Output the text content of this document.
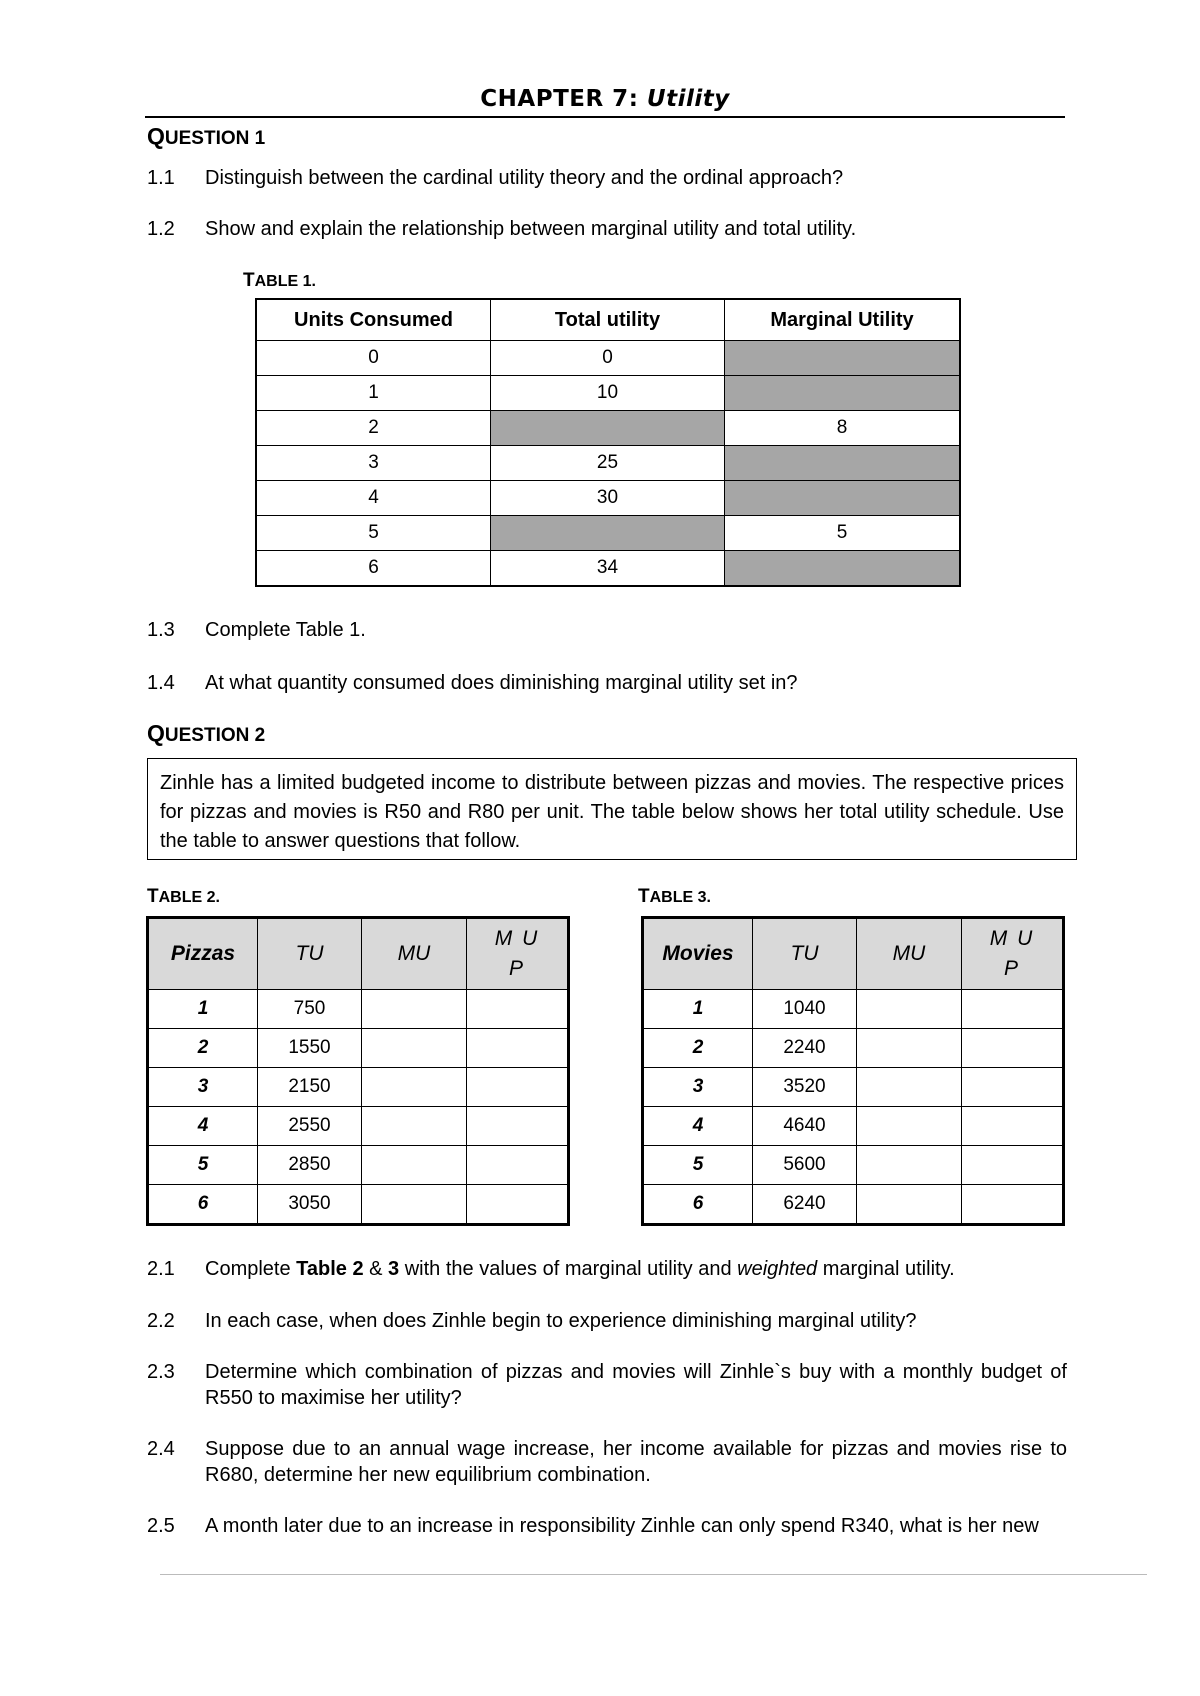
CHAPTER 7: Utility
QUESTION 1
1.1 Distinguish between the cardinal utility theory and the ordinal approach?
1.2 Show and explain the relationship between marginal utility and total utility.
TABLE 1.
Units Consumed	Total utility	Marginal Utility
0	0	
1	10	
2		8
3	25	
4	30	
5		5
6	34	
1.3 Complete Table 1.
1.4 At what quantity consumed does diminishing marginal utility set in?
QUESTION 2
Zinhle has a limited budgeted income to distribute between pizzas and movies. The respective prices for pizzas and movies is R50 and R80 per unit. The table below shows her total utility schedule. Use the table to answer questions that follow.
TABLE 2.	TABLE 3.
Pizzas	TU	MU	M U
P

1	750		
2	1550		
3	2150		
4	2550		
5	2850		
6	3050		
Movies	TU	MU	M U
P

1	1040		
2	2240		
3	3520		
4	4640		
5	5600		
6	6240		
2.1 Complete Table 2 & 3 with the values of marginal utility and weighted marginal utility.
2.2 In each case, when does Zinhle begin to experience diminishing marginal utility?
2.3 Determine which combination of pizzas and movies will Zinhle`s buy with a monthly budget of R550 to maximise her utility?
2.4 Suppose due to an annual wage increase, her income available for pizzas and movies rise to R680, determine her new equilibrium combination.
2.5 A month later due to an increase in responsibility Zinhle can only spend R340, what is her new
